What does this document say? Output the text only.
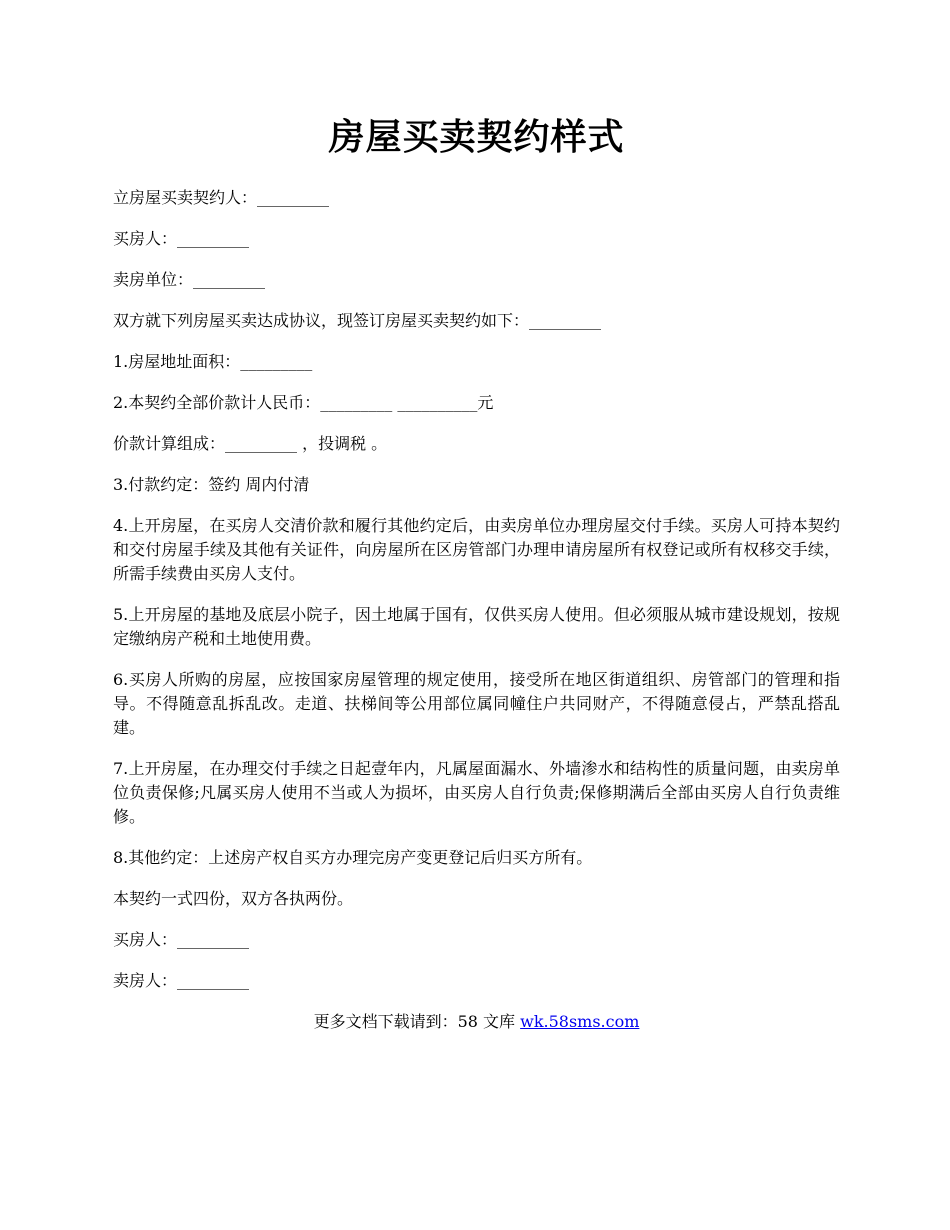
房屋买卖契约样式

立房屋买卖契约人：_________

买房人：_________

卖房单位：_________

双方就下列房屋买卖达成协议，现签订房屋买卖契约如下：_________

1.房屋地址面积：_________

2.本契约全部价款计人民币：_________ __________元

价款计算组成：_________ ，投调税 。

3.付款约定：签约 周内付清

4.上开房屋，在买房人交清价款和履行其他约定后，由卖房单位办理房屋交付手续。买房人可持本契约和交付房屋手续及其他有关证件，向房屋所在区房管部门办理申请房屋所有权登记或所有权移交手续，所需手续费由买房人支付。

5.上开房屋的基地及底层小院子，因土地属于国有，仅供买房人使用。但必须服从城市建设规划，按规定缴纳房产税和土地使用费。

6.买房人所购的房屋，应按国家房屋管理的规定使用，接受所在地区街道组织、房管部门的管理和指导。不得随意乱拆乱改。走道、扶梯间等公用部位属同幢住户共同财产，不得随意侵占，严禁乱搭乱建。

7.上开房屋，在办理交付手续之日起壹年内，凡属屋面漏水、外墙渗水和结构性的质量问题，由卖房单位负责保修;凡属买房人使用不当或人为损坏，由买房人自行负责;保修期满后全部由买房人自行负责维修。

8.其他约定：上述房产权自买方办理完房产变更登记后归买方所有。

本契约一式四份，双方各执两份。

买房人：_________

卖房人：_________

更多文档下载请到：58 文库 wk.58sms.com
